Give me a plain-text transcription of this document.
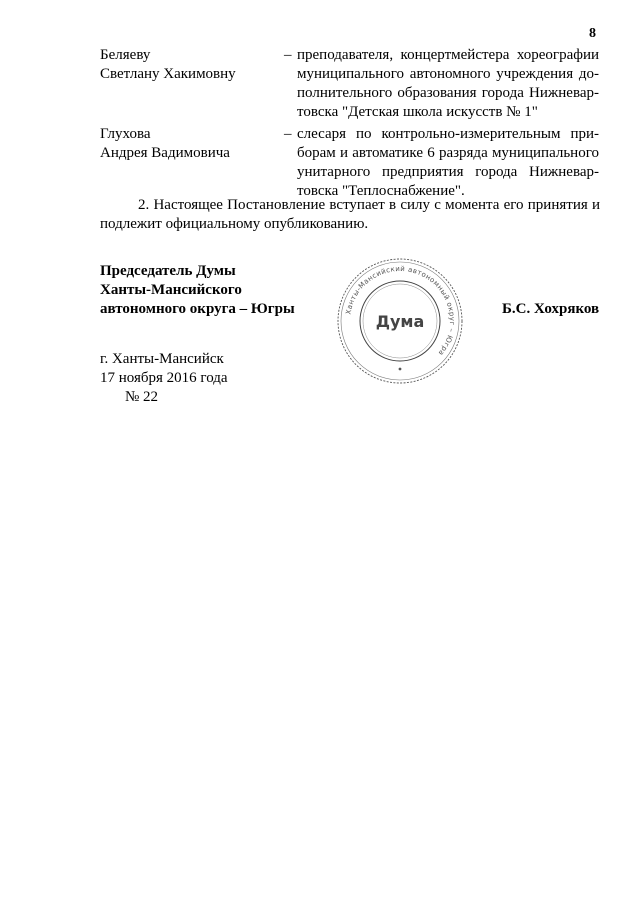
8
Беляеву
Светлану Хакимовну
– преподавателя, концертмейстера хореографии
муниципального автономного учреждения до-
полнительного образования города Нижневар-
товска "Детская школа искусств № 1"
Глухова
Андрея Вадимовича
– слесаря по контрольно-измерительным при-
борам и автоматике 6 разряда муниципального
унитарного предприятия города Нижневар-
товска "Теплоснабжение".
2. Настоящее Постановление вступает в силу с момента его принятия и
подлежит официальному опубликованию.
Председатель Думы
Ханты-Мансийского
автономного округа – Югры	Ханты-Мансийский автономный округ – Югра
Дума
Б.С. Хохряков
г. Ханты-Мансийск
17 ноября 2016 года
№ 22
